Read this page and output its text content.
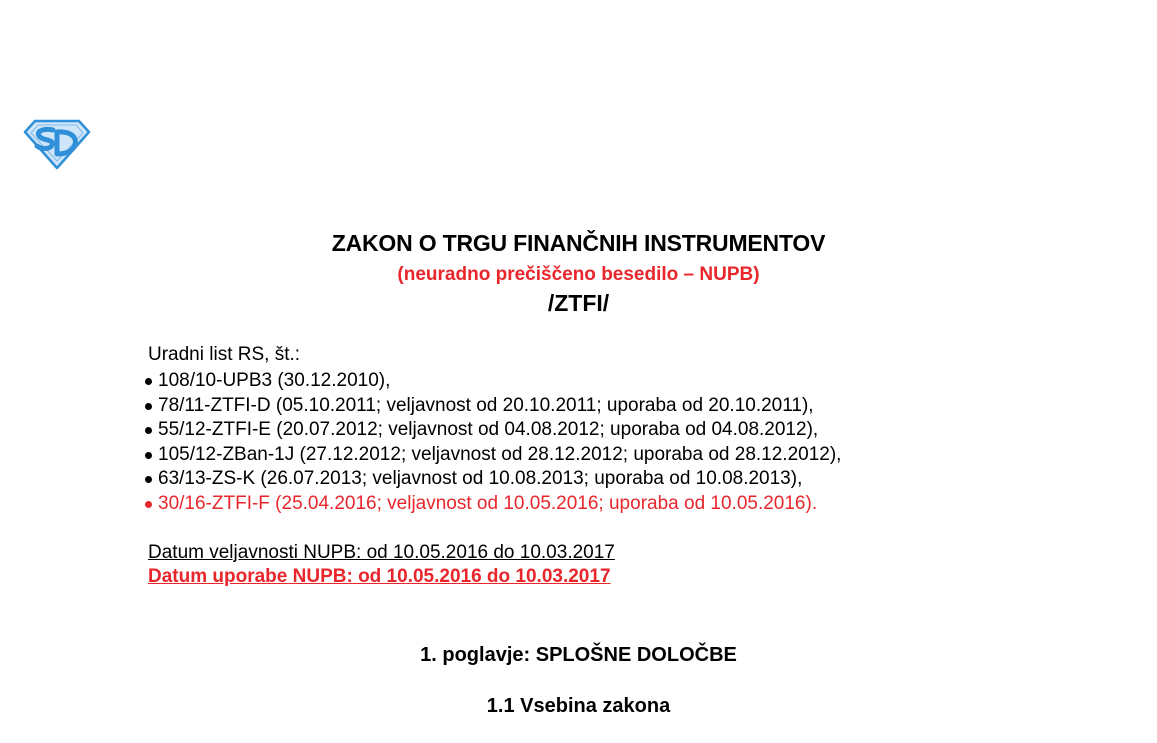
ZAKON O TRGU FINANČNIH INSTRUMENTOV
(neuradno prečiščeno besedilo – NUPB)
/ZTFI/
Uradni list RS, št.:
108/10-UPB3 (30.12.2010),
78/11-ZTFI-D (05.10.2011; veljavnost od 20.10.2011; uporaba od 20.10.2011),
55/12-ZTFI-E (20.07.2012; veljavnost od 04.08.2012; uporaba od 04.08.2012),
105/12-ZBan-1J (27.12.2012; veljavnost od 28.12.2012; uporaba od 28.12.2012),
63/13-ZS-K (26.07.2013; veljavnost od 10.08.2013; uporaba od 10.08.2013),
30/16-ZTFI-F (25.04.2016; veljavnost od 10.05.2016; uporaba od 10.05.2016).
Datum veljavnosti NUPB: od 10.05.2016 do 10.03.2017
Datum uporabe NUPB: od 10.05.2016 do 10.03.2017
1. poglavje: SPLOŠNE DOLOČBE
1.1 Vsebina zakona
